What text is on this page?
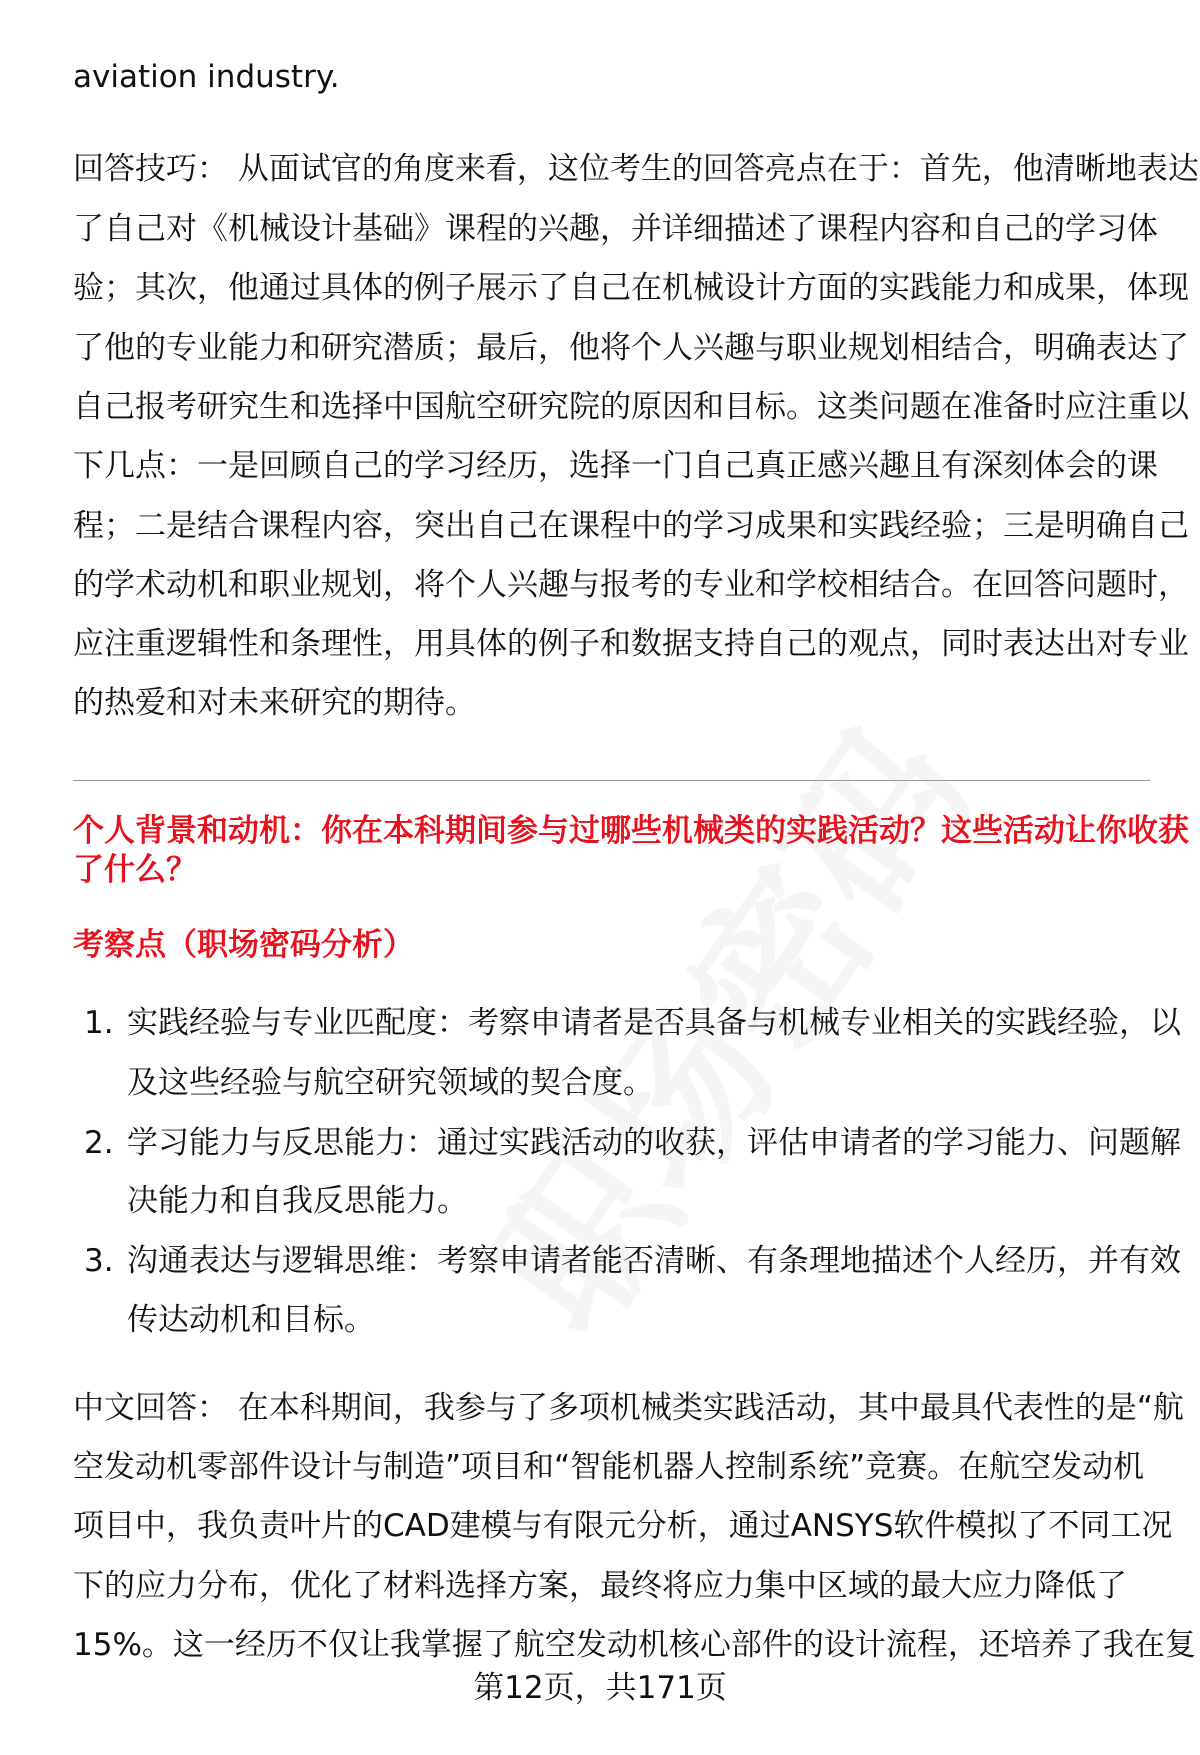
aviation industry.
回答技巧： 从面试官的角度来看，这位考生的回答亮点在于：首先，他清晰地表达
了自己对《机械设计基础》课程的兴趣，并详细描述了课程内容和自己的学习体
验；其次，他通过具体的例子展示了自己在机械设计方面的实践能力和成果，体现
了他的专业能力和研究潜质；最后，他将个人兴趣与职业规划相结合，明确表达了
自己报考研究生和选择中国航空研究院的原因和目标。这类问题在准备时应注重以
下几点：一是回顾自己的学习经历，选择一门自己真正感兴趣且有深刻体会的课
程；二是结合课程内容，突出自己在课程中的学习成果和实践经验；三是明确自己
的学术动机和职业规划，将个人兴趣与报考的专业和学校相结合。在回答问题时，
应注重逻辑性和条理性，用具体的例子和数据支持自己的观点，同时表达出对专业
的热爱和对未来研究的期待。
个人背景和动机：你在本科期间参与过哪些机械类的实践活动？这些活动让你收获
了什么？
考察点（职场密码分析）
1. 实践经验与专业匹配度：考察申请者是否具备与机械专业相关的实践经验，以
及这些经验与航空研究领域的契合度。
2. 学习能力与反思能力：通过实践活动的收获，评估申请者的学习能力、问题解
决能力和自我反思能力。
3. 沟通表达与逻辑思维：考察申请者能否清晰、有条理地描述个人经历，并有效
传达动机和目标。
中文回答： 在本科期间，我参与了多项机械类实践活动，其中最具代表性的是“航
空发动机零部件设计与制造”项目和“智能机器人控制系统”竞赛。在航空发动机
项目中，我负责叶片的CAD建模与有限元分析，通过ANSYS软件模拟了不同工况
下的应力分布，优化了材料选择方案，最终将应力集中区域的最大应力降低了
15%。这一经历不仅让我掌握了航空发动机核心部件的设计流程，还培养了我在复
第12页，共171页
